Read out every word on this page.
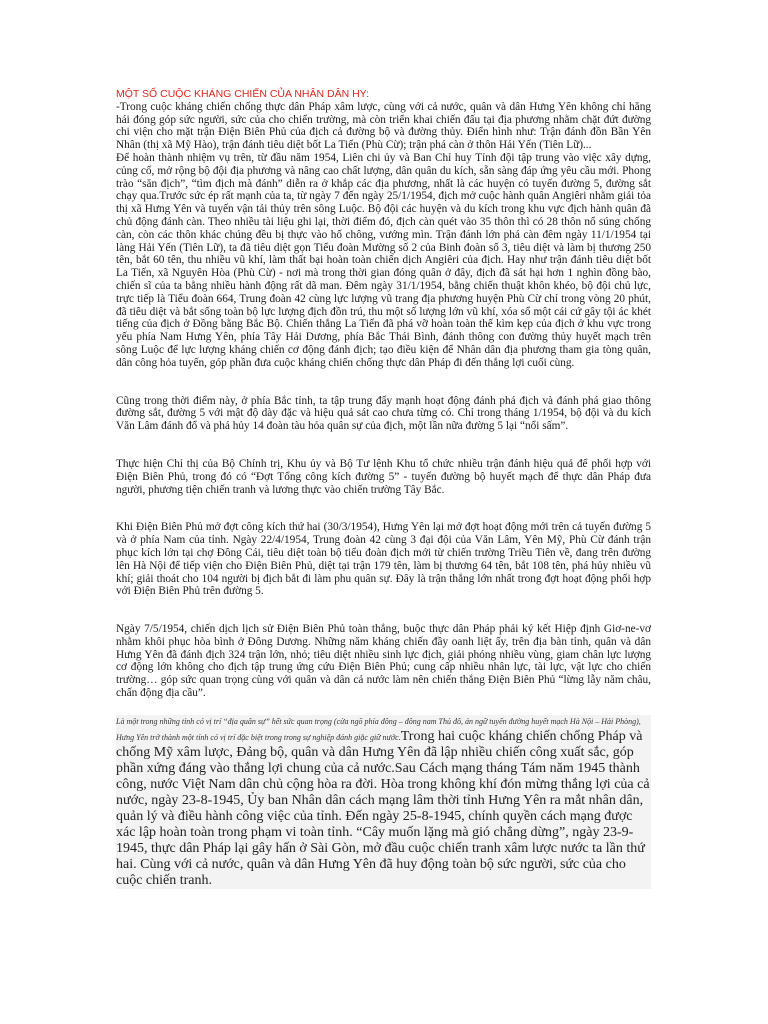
MỘT SỐ CUỘC KHÁNG CHIẾN CỦA NHÂN DÂN HY:

-Trong cuộc kháng chiến chống thực dân Pháp xâm lược, cùng với cả nước, quân và dân Hưng Yên không chỉ hăng hái đóng góp sức người, sức của cho chiến trường, mà còn triển khai chiến đấu tại địa phương nhằm chặt đứt đường chi viện cho mặt trận Điện Biên Phủ của địch cả đường bộ và đường thủy. Điển hình như: Trận đánh đồn Bần Yên Nhân (thị xã Mỹ Hào), trận đánh tiêu diệt bốt La Tiến (Phù Cừ); trận phá càn ở thôn Hải Yến (Tiên Lữ)...

Để hoàn thành nhiệm vụ trên, từ đầu năm 1954, Liên chi ủy và Ban Chỉ huy Tỉnh đội tập trung vào việc xây dựng, củng cố, mở rộng bộ đội địa phương và nâng cao chất lượng, dân quân du kích, sẵn sàng đáp ứng yêu cầu mới. Phong trào “săn địch”, “tìm địch mà đánh” diễn ra ở khắp các địa phương, nhất là các huyện có tuyến đường 5, đường sắt chạy qua.Trước sức ép rất mạnh của ta, từ ngày 7 đến ngày 25/1/1954, địch mở cuộc hành quân Angiêri nhằm giải tỏa thị xã Hưng Yên và tuyến vận tải thủy trên sông Luộc. Bộ đội các huyện và du kích trong khu vực địch hành quân đã chủ động đánh càn. Theo nhiều tài liệu ghi lại, thời điểm đó, địch càn quét vào 35 thôn thì có 28 thôn nổ súng chống càn, còn các thôn khác chúng đều bị thực vào hố chông, vướng mìn. Trận đánh lớn phá càn đêm ngày 11/1/1954 tại làng Hải Yến (Tiên Lữ), ta đã tiêu diệt gọn Tiểu đoàn Mường số 2 của Binh đoàn số 3, tiêu diệt và làm bị thương 250 tên, bắt 60 tên, thu nhiều vũ khí, làm thất bại hoàn toàn chiến dịch Angiêri của địch. Hay như trận đánh tiêu diệt bốt La Tiến, xã Nguyên Hòa (Phù Cừ) - nơi mà trong thời gian đóng quân ở đây, địch đã sát hại hơn 1 nghìn đồng bào, chiến sĩ của ta bằng nhiều hành động rất dã man. Đêm ngày 31/1/1954, bằng chiến thuật khôn khéo, bộ đội chủ lực, trực tiếp là Tiểu đoàn 664, Trung đoàn 42 cùng lực lượng vũ trang địa phương huyện Phù Cừ chỉ trong vòng 20 phút, đã tiêu diệt và bắt sống toàn bộ lực lượng địch đồn trú, thu một số lượng lớn vũ khí, xóa sổ một cái cứ gây tội ác khét tiếng của địch ở Đồng bằng Bắc Bộ. Chiến thắng La Tiến đã phá vỡ hoàn toàn thế kìm kẹp của địch ở khu vực trong yếu phía Nam Hưng Yên, phía Tây Hải Dương, phía Bắc Thái Bình, đánh thông con đường thủy huyết mạch trên sông Luộc để lực lượng kháng chiến cơ động đánh địch; tạo điều kiện để Nhân dân địa phương tham gia tòng quân, dân công hỏa tuyến, góp phần đưa cuộc kháng chiến chống thực dân Pháp đi đến thắng lợi cuối cùng.

Cũng trong thời điểm này, ở phía Bắc tỉnh, ta tập trung đẩy mạnh hoạt động đánh phá địch và đánh phá giao thông đường sắt, đường 5 với mật độ dày đặc và hiệu quả sát cao chưa từng có. Chỉ trong tháng 1/1954, bộ đội và du kích Văn Lâm đánh đổ và phá hủy 14 đoàn tàu hỏa quân sự của địch, một lần nữa đường 5 lại “nổi sấm”.

Thực hiện Chỉ thị của Bộ Chính trị, Khu ủy và Bộ Tư lệnh Khu tổ chức nhiều trận đánh hiệu quả để phối hợp với Điện Biên Phủ, trong đó có “Đợt Tổng công kích đường 5” - tuyến đường bộ huyết mạch để thực dân Pháp đưa người, phương tiện chiến tranh và lương thực vào chiến trường Tây Bắc.

Khi Điện Biên Phủ mở đợt công kích thứ hai (30/3/1954), Hưng Yên lại mở đợt hoạt động mới trên cả tuyến đường 5 và ở phía Nam của tỉnh. Ngày 22/4/1954, Trung đoàn 42 cùng 3 đại đội của Văn Lâm, Yên Mỹ, Phù Cừ đánh trận phục kích lớn tại chợ Đông Cái, tiêu diệt toàn bộ tiểu đoàn địch mới từ chiến trường Triều Tiên về, đang trên đường lên Hà Nội để tiếp viện cho Điện Biên Phủ, diệt tại trận 179 tên, làm bị thương 64 tên, bắt 108 tên, phá hủy nhiều vũ khí; giải thoát cho 104 người bị địch bắt đi làm phu quân sự. Đây là trận thắng lớn nhất trong đợt hoạt động phối hợp với Điện Biên Phủ trên đường 5.

Ngày 7/5/1954, chiến dịch lịch sử Điện Biên Phủ toàn thắng, buộc thực dân Pháp phải ký kết Hiệp định Giơ-ne-vơ nhằm khôi phục hòa bình ở Đông Dương. Những năm kháng chiến đầy oanh liệt ấy, trên địa bàn tỉnh, quân và dân Hưng Yên đã đánh địch 324 trận lớn, nhỏ; tiêu diệt nhiều sinh lực địch, giải phóng nhiều vùng, giam chân lực lượng cơ động lớn không cho địch tập trung ứng cứu Điện Biên Phủ; cung cấp nhiều nhân lực, tài lực, vật lực cho chiến trường… góp sức quan trọng cùng với quân và dân cả nước làm nên chiến thắng Điện Biên Phủ “lừng lẫy năm châu, chấn động địa cầu”.

Là một trong những tỉnh có vị trí “địa quân sự” hết sức quan trọng (cửa ngõ phía đông – đông nam Thủ đô, án ngữ tuyến đường huyết mạch Hà Nội – Hải Phòng), Hưng Yên trở thành một tỉnh có vị trí đặc biệt trong trong sự nghiệp đánh giặc giữ nước.Trong hai cuộc kháng chiến chống Pháp và chống Mỹ xâm lược, Đảng bộ, quân và dân Hưng Yên đã lập nhiều chiến công xuất sắc, góp phần xứng đáng vào thắng lợi chung của cả nước.Sau Cách mạng tháng Tám năm 1945 thành công, nước Việt Nam dân chủ cộng hòa ra đời. Hòa trong không khí đón mừng thắng lợi của cả nước, ngày 23-8-1945, Ủy ban Nhân dân cách mạng lâm thời tỉnh Hưng Yên ra mắt nhân dân, quản lý và điều hành công việc của tỉnh. Đến ngày 25-8-1945, chính quyền cách mạng được xác lập hoàn toàn trong phạm vi toàn tỉnh. “Cây muốn lặng mà gió chẳng dừng”, ngày 23-9-1945, thực dân Pháp lại gây hấn ở Sài Gòn, mở đầu cuộc chiến tranh xâm lược nước ta lần thứ hai. Cùng với cả nước, quân và dân Hưng Yên đã huy động toàn bộ sức người, sức của cho cuộc chiến tranh.
